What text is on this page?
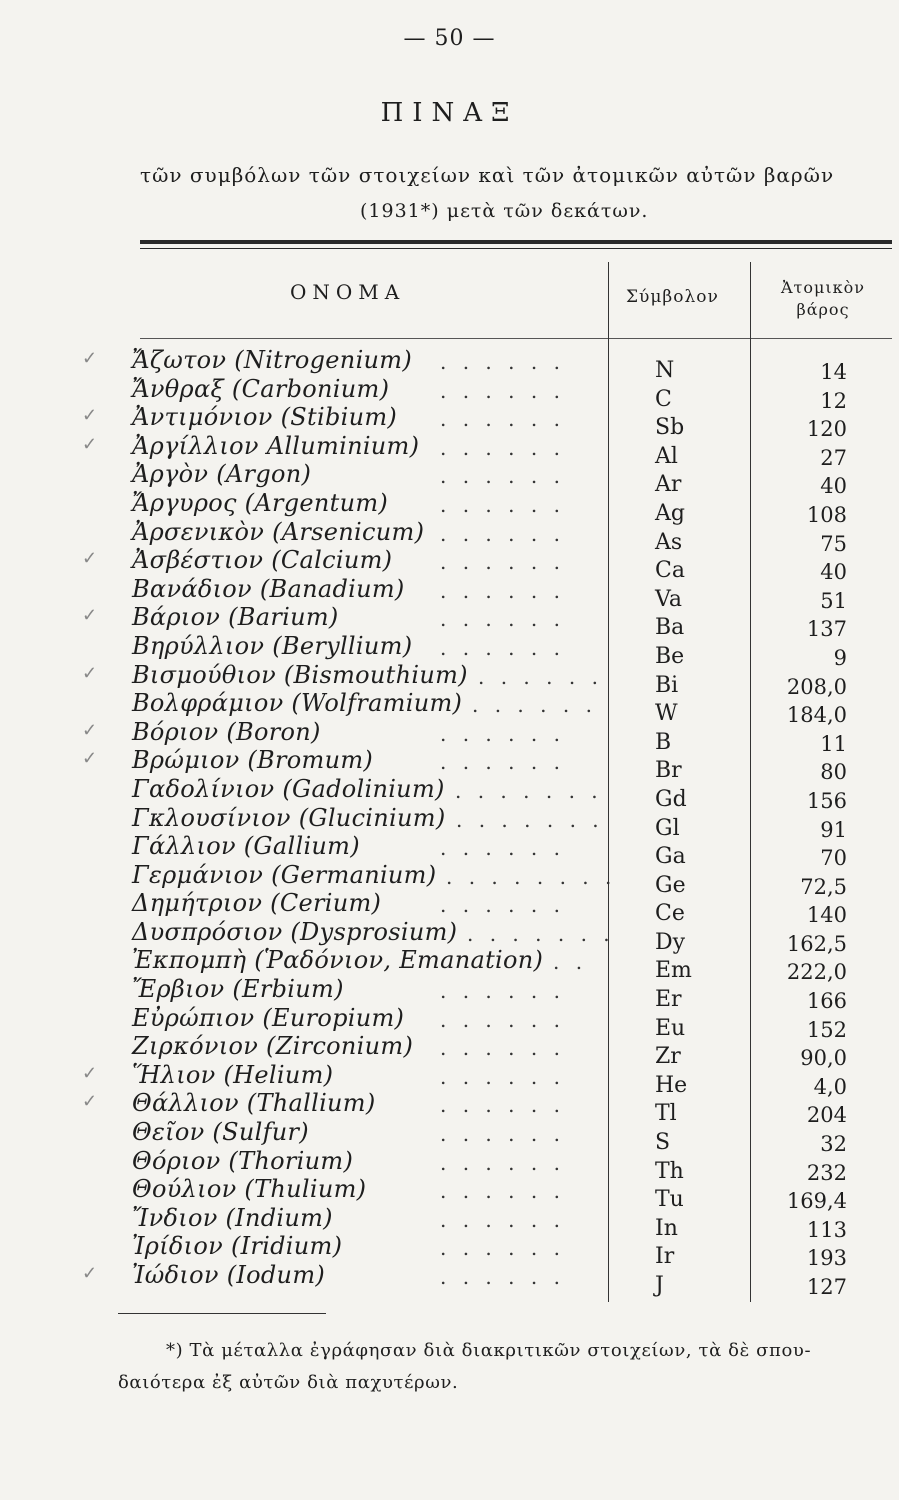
— 50 —
ΠΙΝΑΞ
τῶν συμβόλων τῶν στοιχείων καὶ τῶν ἀτομικῶν αὐτῶν βαρῶν
(1931*) μετὰ τῶν δεκάτων.
ΟΝΟΜΑ	Σύμβολον	Ἀτομικὸν
βάρος
✓ Ἄζωτον (Nitrogenium) . . . . . .	N	14
Ἄνθραξ (Carbonium)	. . . . . .	C	12
✓ Ἀντιμόνιον (Stibium) . . . . . .	Sb	120
✓ Ἀργίλλιον Alluminium) . . . . . .	Al	27
Ἀργὸν (Argon)	. . . . . .	Ar	40
Ἄργυρος (Argentum)	. . . . . .	Ag	108
Ἀρσενικὸν (Arsenicum) . . . . . .	As	75
✓ Ἀσβέστιον (Calcium) . . . . . .	Ca	40
Βανάδιον (Banadium) . . . . . .	Va	51
✓ Βάριον (Barium)	. . . . . .	Ba	137
Βηρύλλιον (Beryllium) . . . . . .	Be	9
✓ Βισμούθιον (Bismouthium) . . . . . . Bi	208,0
Βολφράμιον (Wolframium) . . . . . .	W	184,0
✓ Βόριον (Boron)	. . . . . .	B	11
✓ Βρώμιον (Bromum)	. . . . . .	Br	80
Γαδολίνιον (Gadolinium) . . . . . . . Gd	156
Γκλουσίνιον (Glucinium) . . . . . . . Gl	91
Γάλλιον (Gallium)	. . . . . .	Ga	70
Γερμάνιον (Germanium) . . . . . . . . Ge	72,5
Δημήτριον (Cerium)	. . . . . .	Ce	140
Δυσπρόσιον (Dysprosium) . . . . . . . Dy	162,5
Ἐκπομπὴ (Ῥαδόνιον, Emanation) . .	Em	222,0
Ἔρβιον (Erbium)	. . . . . .	Er	166
Εὐρώπιον (Europium) . . . . . .	Eu	152
Ζιρκόνιον (Zirconium) . . . . . .	Zr	90,0
✓ Ἥλιον (Helium)	. . . . . .	He	4,0
✓ Θάλλιον (Thallium)	. . . . . .	Tl	204
Θεῖον (Sulfur)	. . . . . .	S	32
Θόριον (Thorium)	. . . . . .	Th	232
Θούλιον (Thulium)	. . . . . .	Tu	169,4
Ἴνδιον (Indium)	. . . . . .	In	113
Ἰρίδιον (Iridium)	. . . . . .	Ir	193
✓ Ἰώδιον (Iodum)	. . . . . .	J	127
*) Τὰ μέταλλα ἐγράφησαν διὰ διακριτικῶν στοιχείων, τὰ δὲ σπου-
δαιότερα ἐξ αὐτῶν διὰ παχυτέρων.
